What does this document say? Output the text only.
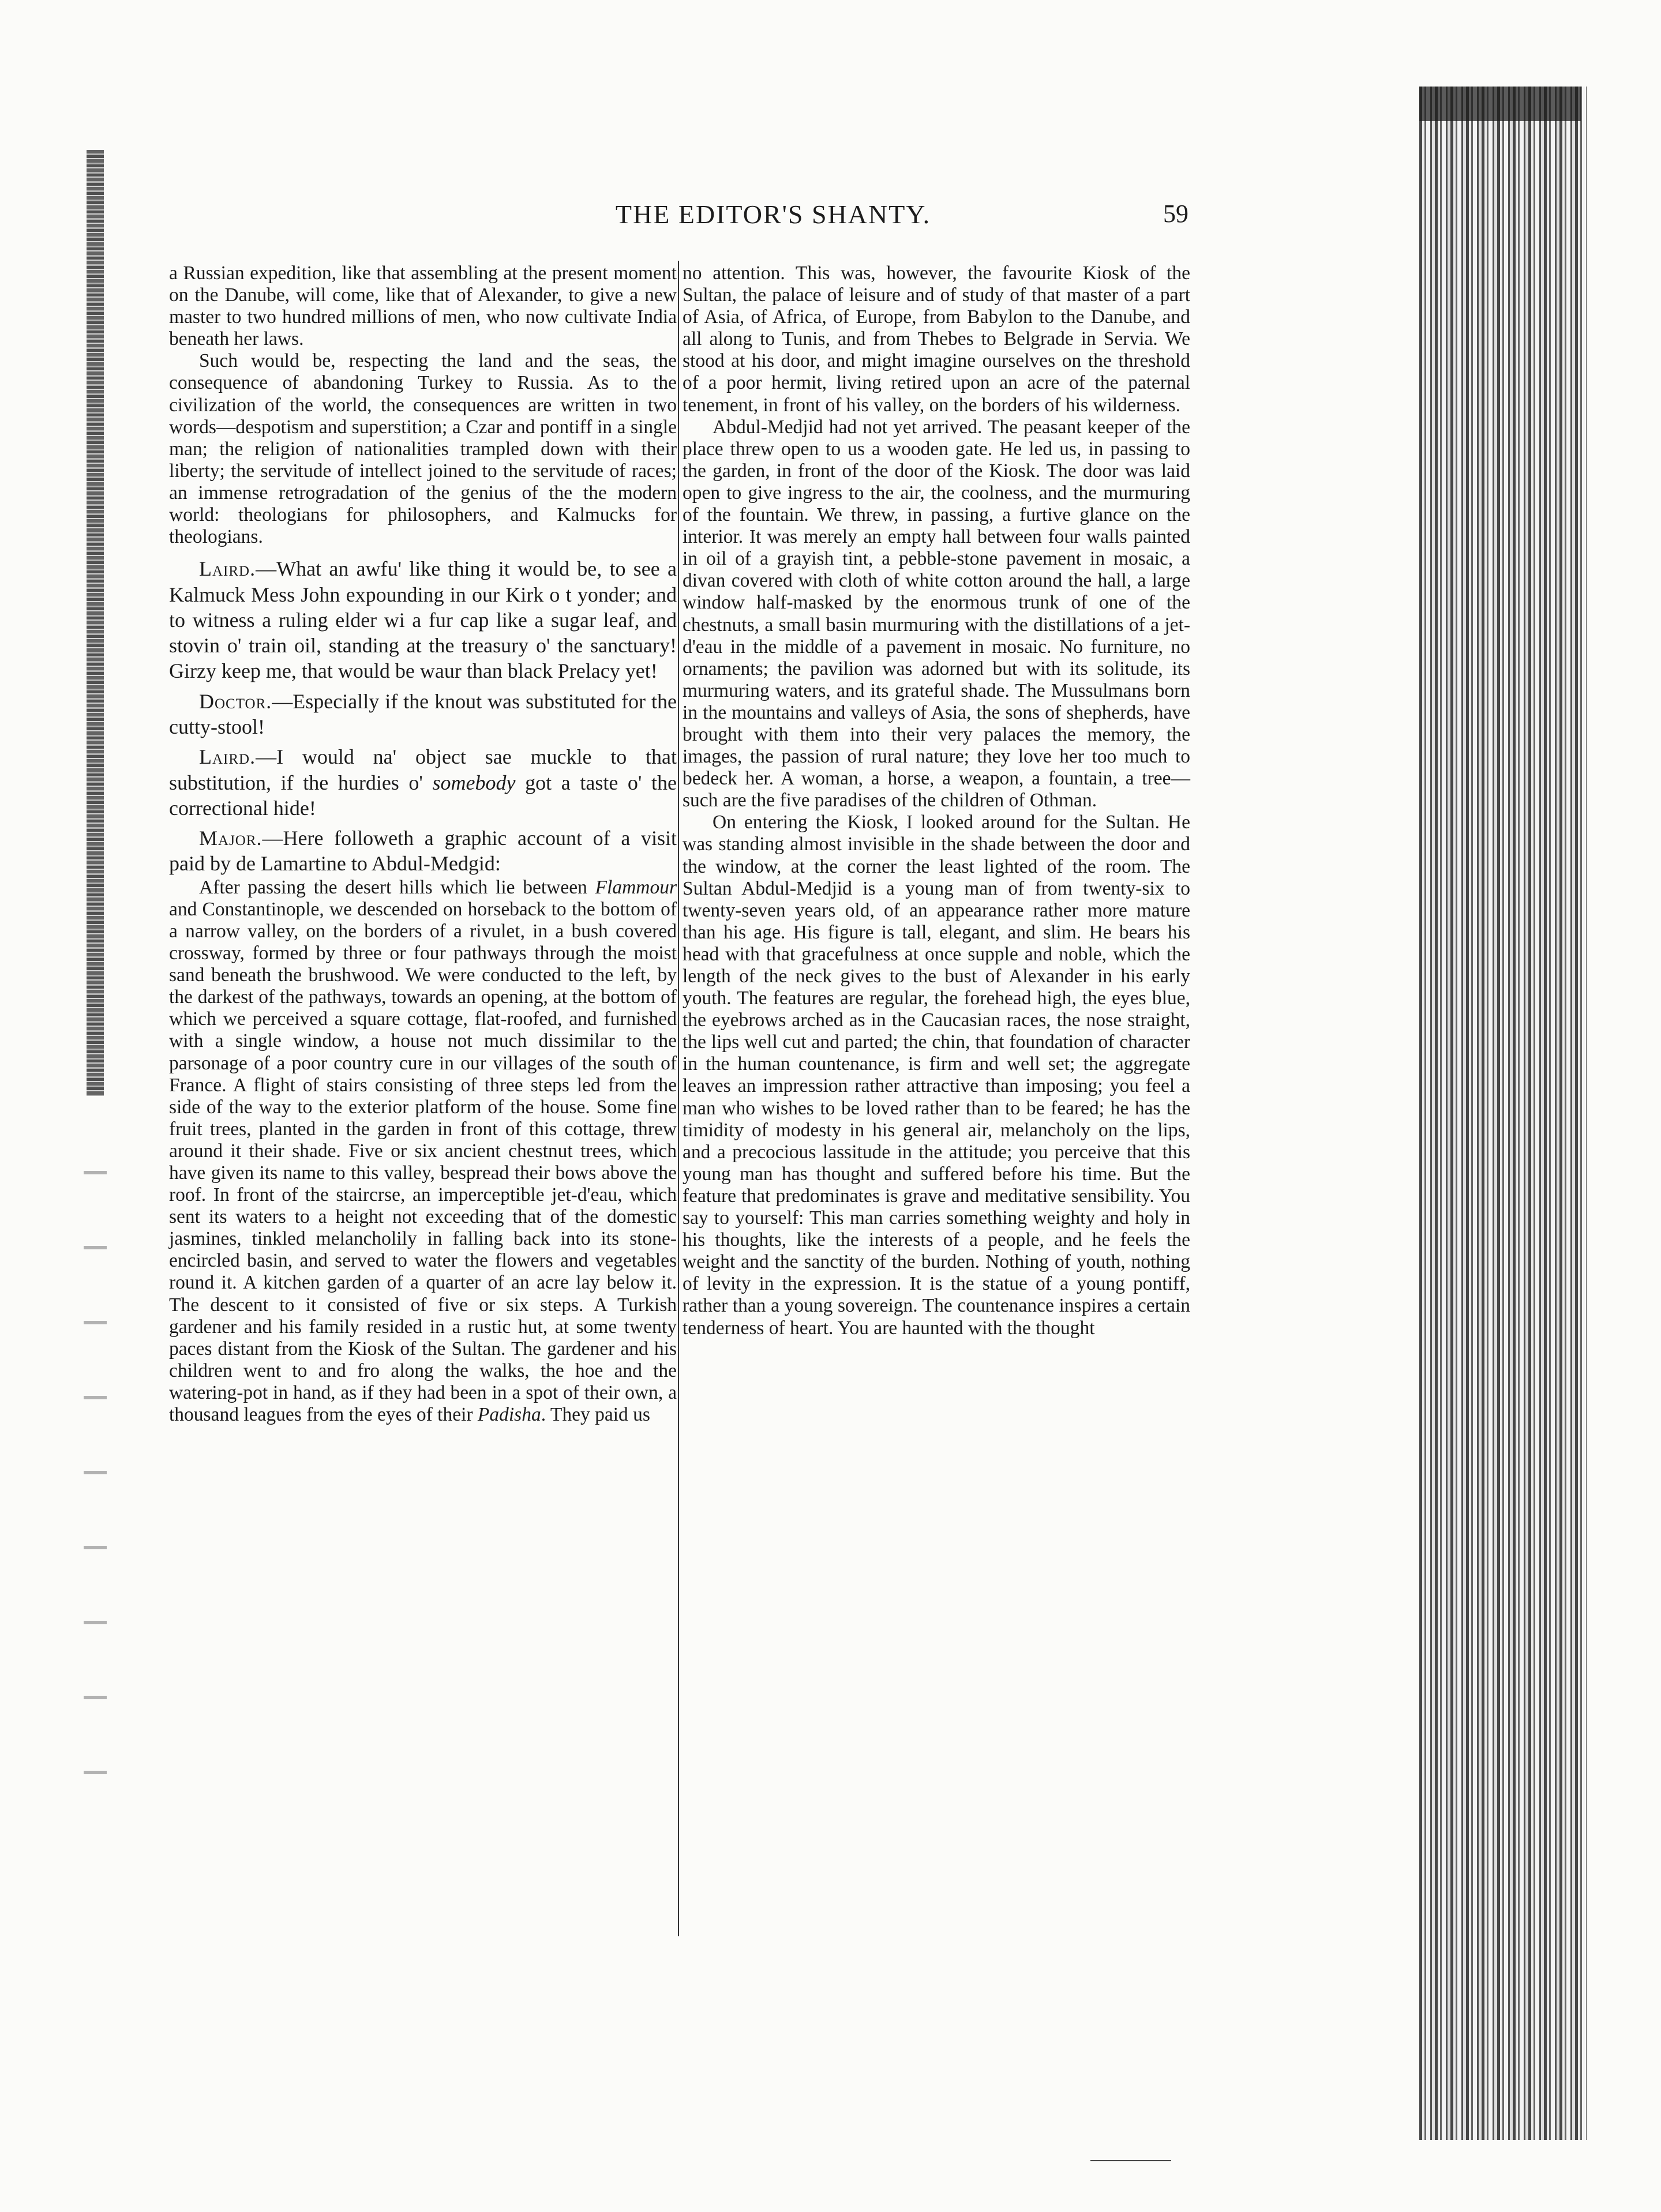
THE EDITOR'S SHANTY.	59

a Russian expedition, like that assembling at the present moment on the Danube, will come, like that of Alexander, to give a new master to two hundred millions of men, who now cultivate India beneath her laws.

Such would be, respecting the land and the seas, the consequence of abandoning Turkey to Russia. As to the civilization of the world, the consequences are written in two words—despotism and superstition; a Czar and pontiff in a single man; the religion of nationalities trampled down with their liberty; the servitude of intellect joined to the servitude of races; an immense retrogradation of the genius of the the modern world: theologians for philosophers, and Kalmucks for theologians.

Laird.—What an awfu' like thing it would be, to see a Kalmuck Mess John expounding in our Kirk o t yonder; and to witness a ruling elder wi a fur cap like a sugar leaf, and stovin o' train oil, standing at the treasury o' the sanctuary! Girzy keep me, that would be waur than black Prelacy yet!

Doctor.—Especially if the knout was substituted for the cutty-stool!

Laird.—I would na' object sae muckle to that substitution, if the hurdies o' somebody got a taste o' the correctional hide!

Major.—Here followeth a graphic account of a visit paid by de Lamartine to Abdul-Medgid:

After passing the desert hills which lie between Flammour and Constantinople, we descended on horseback to the bottom of a narrow valley, on the borders of a rivulet, in a bush covered crossway, formed by three or four pathways through the moist sand beneath the brushwood. We were conducted to the left, by the darkest of the pathways, towards an opening, at the bottom of which we perceived a square cottage, flat-roofed, and furnished with a single window, a house not much dissimilar to the parsonage of a poor country cure in our villages of the south of France. A flight of stairs consisting of three steps led from the side of the way to the exterior platform of the house. Some fine fruit trees, planted in the garden in front of this cottage, threw around it their shade. Five or six ancient chestnut trees, which have given its name to this valley, bespread their bows above the roof. In front of the staircrse, an imperceptible jet-d'eau, which sent its waters to a height not exceeding that of the domestic jasmines, tinkled melancholily in falling back into its stone-encircled basin, and served to water the flowers and vegetables round it. A kitchen garden of a quarter of an acre lay below it. The descent to it consisted of five or six steps. A Turkish gardener and his family resided in a rustic hut, at some twenty paces distant from the Kiosk of the Sultan. The gardener and his children went to and fro along the walks, the hoe and the watering-pot in hand, as if they had been in a spot of their own, a thousand leagues from the eyes of their Padisha. They paid us

no attention. This was, however, the favourite Kiosk of the Sultan, the palace of leisure and of study of that master of a part of Asia, of Africa, of Europe, from Babylon to the Danube, and all along to Tunis, and from Thebes to Belgrade in Servia. We stood at his door, and might imagine ourselves on the threshold of a poor hermit, living retired upon an acre of the paternal tenement, in front of his valley, on the borders of his wilderness.

Abdul-Medjid had not yet arrived. The peasant keeper of the place threw open to us a wooden gate. He led us, in passing to the garden, in front of the door of the Kiosk. The door was laid open to give ingress to the air, the coolness, and the murmuring of the fountain. We threw, in passing, a furtive glance on the interior. It was merely an empty hall between four walls painted in oil of a grayish tint, a pebble-stone pavement in mosaic, a divan covered with cloth of white cotton around the hall, a large window half-masked by the enormous trunk of one of the chestnuts, a small basin murmuring with the distillations of a jet-d'eau in the middle of a pavement in mosaic. No furniture, no ornaments; the pavilion was adorned but with its solitude, its murmuring waters, and its grateful shade. The Mussulmans born in the mountains and valleys of Asia, the sons of shepherds, have brought with them into their very palaces the memory, the images, the passion of rural nature; they love her too much to bedeck her. A woman, a horse, a weapon, a fountain, a tree—such are the five paradises of the children of Othman.

On entering the Kiosk, I looked around for the Sultan. He was standing almost invisible in the shade between the door and the window, at the corner the least lighted of the room. The Sultan Abdul-Medjid is a young man of from twenty-six to twenty-seven years old, of an appearance rather more mature than his age. His figure is tall, elegant, and slim. He bears his head with that gracefulness at once supple and noble, which the length of the neck gives to the bust of Alexander in his early youth. The features are regular, the forehead high, the eyes blue, the eyebrows arched as in the Caucasian races, the nose straight, the lips well cut and parted; the chin, that foundation of character in the human countenance, is firm and well set; the aggregate leaves an impression rather attractive than imposing; you feel a man who wishes to be loved rather than to be feared; he has the timidity of modesty in his general air, melancholy on the lips, and a precocious lassitude in the attitude; you perceive that this young man has thought and suffered before his time. But the feature that predominates is grave and meditative sensibility. You say to yourself: This man carries something weighty and holy in his thoughts, like the interests of a people, and he feels the weight and the sanctity of the burden. Nothing of youth, nothing of levity in the expression. It is the statue of a young pontiff, rather than a young sovereign. The countenance inspires a certain tenderness of heart. You are haunted with the thought
